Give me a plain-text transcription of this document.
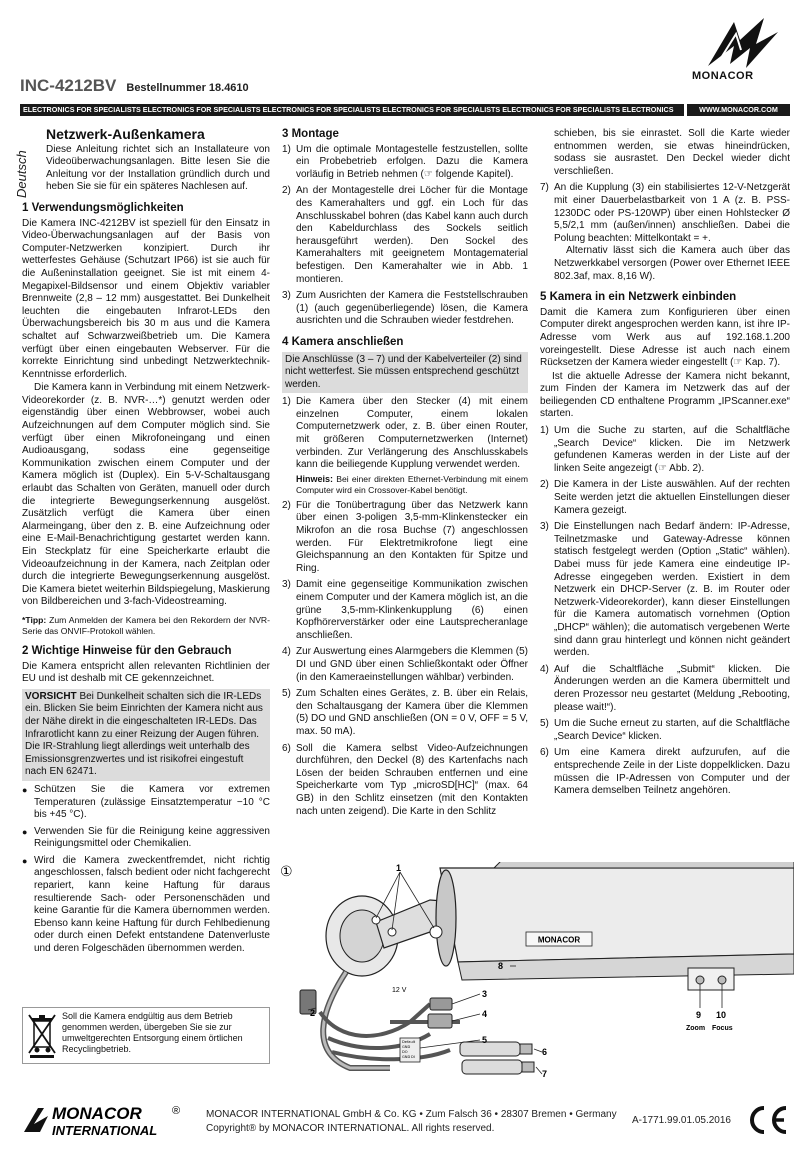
MONACOR
INC-4212BV Bestellnummer 18.4610
ELECTRONICS FOR SPECIALISTS ELECTRONICS FOR SPECIALISTS ELECTRONICS FOR SPECIALISTS ELECTRONICS FOR SPECIALISTS ELECTRONICS FOR SPECIALISTS ELECTRONICS	WWW.MONACOR.COM
Deutsch
Netzwerk-Außenkamera

Diese Anleitung richtet sich an Installateure von Videoüberwachungsanlagen. Bitte lesen Sie die Anleitung vor der Installation gründlich durch und heben Sie sie für ein späteres Nachlesen auf.

1 Verwendungsmöglichkeiten

Die Kamera INC-4212BV ist speziell für den Einsatz in Video-Überwachungsanlagen auf der Basis von Computer-Netzwerken konzipiert. Durch ihr wetterfestes Gehäuse (Schutzart IP66) ist sie auch für die Außeninstallation geeignet. Sie ist mit einem 4-Megapixel-Bildsensor und einem Objektiv variabler Brennweite (2,8 – 12 mm) ausgestattet. Bei Dunkelheit leuchten die eingebauten Infrarot-LEDs den Überwachungsbereich bis 30 m aus und die Kamera schaltet auf Schwarzweißbetrieb um. Die Kamera verfügt über einen eingebauten Webserver. Für die korrekte Einrichtung sind unbedingt Netzwerktechnik-Kenntnisse erforderlich.

Die Kamera kann in Verbindung mit einem Netzwerk-Videorekorder (z. B. NVR-…*) genutzt werden oder eigenständig über einen Webbrowser, wobei auch Aufzeichnungen auf dem Computer möglich sind. Sie verfügt über einen Mikrofoneingang und einen Audioausgang, sodass eine gegenseitige Kommunikation zwischen einem Computer und der Kamera möglich ist (Duplex). Ein 5-V-Schaltausgang erlaubt das Schalten von Geräten, manuell oder durch die integrierte Bewegungserkennung ausgelöst. Zusätzlich verfügt die Kamera über einen Alarmeingang, über den z. B. eine Aufzeichnung oder eine E-Mail-Benachrichtigung gestartet werden kann. Ein Steckplatz für eine Speicherkarte erlaubt die Videoaufzeichnung in der Kamera, nach Zeitplan oder durch die integrierte Bewegungserkennung ausgelöst. Die Kamera bietet weiterhin Bildspiegelung, Maskierung von Bildbereichen und 3-fach-Videostreaming.

*Tipp: Zum Anmelden der Kamera bei den Rekordern der NVR-Serie das ONVIF-Protokoll wählen.

2 Wichtige Hinweise für den Gebrauch

Die Kamera entspricht allen relevanten Richtlinien der EU und ist deshalb mit CE gekennzeichnet.

VORSICHT Bei Dunkelheit schalten sich die IR-LEDs ein. Blicken Sie beim Einrichten der Kamera nicht aus der Nähe direkt in die eingeschalteten IR-LEDs. Das Infrarotlicht kann zu einer Reizung der Augen führen. Die IR-Strahlung liegt allerdings weit unterhalb des Emissionsgrenzwertes und ist risikofrei eingestuft nach EN 62471.
● Schützen Sie die Kamera vor extremen Temperaturen (zulässige Einsatztemperatur −10 °C bis +45 °C).
● Verwenden Sie für die Reinigung keine aggressiven Reinigungsmittel oder Chemikalien.
● Wird die Kamera zweckentfremdet, nicht richtig angeschlossen, falsch bedient oder nicht fachgerecht repariert, kann keine Haftung für daraus resultierende Sach- oder Personenschäden und keine Garantie für die Kamera übernommen werden. Ebenso kann keine Haftung für durch Fehlbedienung oder durch einen Defekt entstandene Datenverluste und deren Folgeschäden übernommen werden.
Soll die Kamera endgültig aus dem Betrieb genommen werden, übergeben Sie sie zur umweltgerechten Entsorgung einem örtlichen Recyclingbetrieb.
3 Montage
1) Um die optimale Montagestelle festzustellen, sollte ein Probebetrieb erfolgen. Dazu die Kamera vorläufig in Betrieb nehmen (☞ folgende Kapitel).
2) An der Montagestelle drei Löcher für die Montage des Kamerahalters und ggf. ein Loch für das Anschlusskabel bohren (das Kabel kann auch durch den Kabeldurchlass des Sockels seitlich herausgeführt werden). Den Sockel des Kamerahalters mit geeignetem Montagematerial befestigen. Den Kamerahalter wie in Abb. 1 montieren.
3) Zum Ausrichten der Kamera die Feststellschrauben (1) (auch gegenüberliegende) lösen, die Kamera ausrichten und die Schrauben wieder festdrehen.
4 Kamera anschließen
Die Anschlüsse (3 – 7) und der Kabelverteiler (2) sind nicht wetterfest. Sie müssen entsprechend geschützt werden.
1) Die Kamera über den Stecker (4) mit einem einzelnen Computer, einem lokalen Computernetzwerk oder, z. B. über einen Router, mit größeren Computernetzwerken (Internet) verbinden. Zur Verlängerung des Anschlusskabels kann die beiliegende Kupplung verwendet werden.
Hinweis: Bei einer direkten Ethernet-Verbindung mit einem Computer wird ein Crossover-Kabel benötigt.
2) Für die Tonübertragung über das Netzwerk kann über einen 3-poligen 3,5-mm-Klinkenstecker ein Mikrofon an die rosa Buchse (7) angeschlossen werden. Für Elektretmikrofone liegt eine Gleichspannung an den Kontakten für Spitze und Ring.
3) Damit eine gegenseitige Kommunikation zwischen einem Computer und der Kamera möglich ist, an die grüne 3,5-mm-Klinkenkupplung (6) einen Kopfhörerverstärker oder eine Lautsprecheranlage anschließen.
4) Zur Auswertung eines Alarmgebers die Klemmen (5) DI und GND über einen Schließkontakt oder Öffner (in den Kameraeinstellungen wählbar) verbinden.
5) Zum Schalten eines Gerätes, z. B. über ein Relais, den Schaltausgang der Kamera über die Klemmen (5) DO und GND anschließen (ON = 0 V, OFF = 5 V, max. 50 mA).
6) Soll die Kamera selbst Video-Aufzeichnungen durchführen, den Deckel (8) des Kartenfachs nach Lösen der beiden Schrauben entfernen und eine Speicherkarte vom Typ „microSD[HC]“ (max. 64 GB) in den Schlitz einsetzen (mit den Kontakten nach unten zeigend). Die Karte in den Schlitz

schieben, bis sie einrastet. Soll die Karte wieder entnommen werden, sie etwas hineindrücken, sodass sie ausrastet. Den Deckel wieder dicht verschließen.

7) An die Kupplung (3) ein stabilisiertes 12-V-Netzgerät mit einer Dauerbelastbarkeit von 1 A (z. B. PSS-1230DC oder PS-120WP) über einen Hohlstecker Ø 5,5/2,1 mm (außen/innen) anschließen. Dabei die Polung beachten: Mittelkontakt = +.
Alternativ lässt sich die Kamera auch über das Netzwerkkabel versorgen (Power over Ethernet IEEE 802.3af, max. 8,16 W).
5 Kamera in ein Netzwerk einbinden

Damit die Kamera zum Konfigurieren über einen Computer direkt angesprochen werden kann, ist ihre IP-Adresse vom Werk aus auf 192.168.1.200 voreingestellt. Diese Adresse ist auch nach einem Rücksetzen der Kamera wieder eingestellt (☞ Kap. 7).

Ist die aktuelle Adresse der Kamera nicht bekannt, zum Finden der Kamera im Netzwerk das auf der beiliegenden CD enthaltene Programm „IPScanner.exe“ starten.

1) Um die Suche zu starten, auf die Schaltfläche „Search Device“ klicken. Die im Netzwerk gefundenen Kameras werden in der Liste auf der linken Seite angezeigt (☞ Abb. 2).
2) Die Kamera in der Liste auswählen. Auf der rechten Seite werden jetzt die aktuellen Einstellungen dieser Kamera gezeigt.
3) Die Einstellungen nach Bedarf ändern: IP-Adresse, Teilnetzmaske und Gateway-Adresse können statisch festgelegt werden (Option „Static“ wählen). Dabei muss für jede Kamera eine eindeutige IP-Adresse eingegeben werden. Existiert in dem Netzwerk ein DHCP-Server (z. B. im Router oder Netzwerk-Videorekorder), kann dieser Einstellungen für die Kamera automatisch vornehmen (Option „DHCP“ wählen); die automatisch vergebenen Werte sind dann grau hinterlegt und können nicht geändert werden.
4) Auf die Schaltfläche „Submit“ klicken. Die Änderungen werden an die Kamera übermittelt und deren Prozessor neu gestartet (Meldung „Rebooting, please wait!“).
5) Um die Suche erneut zu starten, auf die Schaltfläche „Search Device“ klicken.
6) Um eine Kamera direkt aufzurufen, auf die entsprechende Zeile in der Liste doppelklicken. Dazu müssen die IP-Adressen von Computer und der Kamera demselben Teilnetz angehören.
①
MONACOR
Default
GND
DO
GND DI
1
2
3
4
5
6
7
8
9 10
12 V
Zoom Focus
MONACOR	®
INTERNATIONAL
MONACOR INTERNATIONAL GmbH & Co. KG • Zum Falsch 36 • 28307 Bremen • Germany
Copyright® by MONACOR INTERNATIONAL. All rights reserved.
A-1771.99.01.05.2016
